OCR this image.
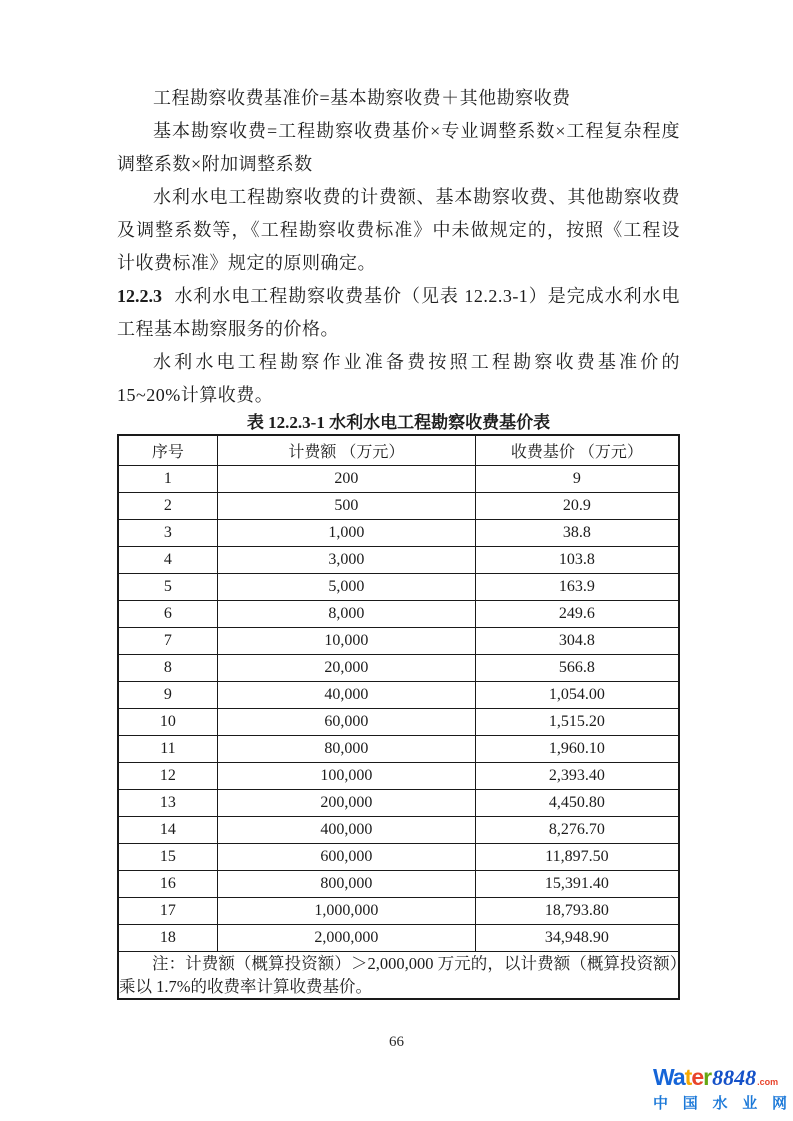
工程勘察收费基准价=基本勘察收费＋其他勘察收费

基本勘察收费=工程勘察收费基价×专业调整系数×工程复杂程度调整系数×附加调整系数

水利水电工程勘察收费的计费额、基本勘察收费、其他勘察收费及调整系数等，《工程勘察收费标准》中未做规定的，按照《工程设计收费标准》规定的原则确定。

12.2.3 水利水电工程勘察收费基价（见表 12.2.3-1）是完成水利水电工程基本勘察服务的价格。

水利水电工程勘察作业准备费按照工程勘察收费基准价的 15~20%计算收费。

表 12.2.3-1 水利水电工程勘察收费基价表

序号	计费额 （万元）	收费基价 （万元）
1	200	9
2	500	20.9
3	1,000	38.8
4	3,000	103.8
5	5,000	163.9
6	8,000	249.6
7	10,000	304.8
8	20,000	566.8
9	40,000	1,054.00
10	60,000	1,515.20
11	80,000	1,960.10
12	100,000	2,393.40
13	200,000	4,450.80
14	400,000	8,276.70
15	600,000	11,897.50
16	800,000	15,391.40
17	1,000,000	18,793.80
18	2,000,000	34,948.90

注：计费额（概算投资额）＞2,000,000 万元的，以计费额（概算投资额）乘以 1.7%的收费率计算收费基价。		
66
Water 8848 .com
中 国 水 业 网
